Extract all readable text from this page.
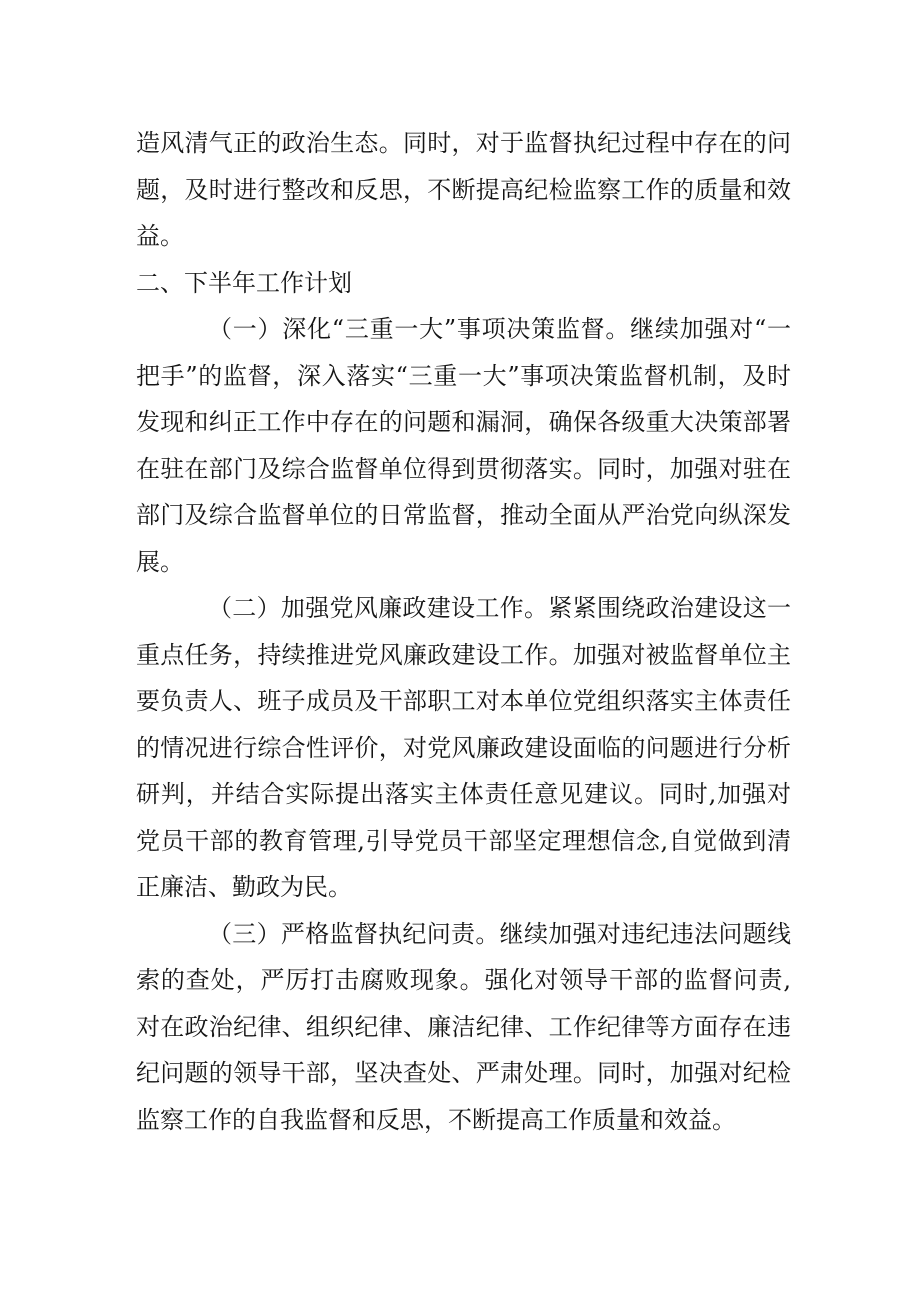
造风清气正的政治生态。同时，对于监督执纪过程中存在的问题，及时进行整改和反思，不断提高纪检监察工作的质量和效益。

二、下半年工作计划

（一）深化“三重一大”事项决策监督。继续加强对“一把手”的监督，深入落实“三重一大”事项决策监督机制，及时发现和纠正工作中存在的问题和漏洞，确保各级重大决策部署在驻在部门及综合监督单位得到贯彻落实。同时，加强对驻在部门及综合监督单位的日常监督，推动全面从严治党向纵深发展。

（二）加强党风廉政建设工作。紧紧围绕政治建设这一重点任务，持续推进党风廉政建设工作。加强对被监督单位主要负责人、班子成员及干部职工对本单位党组织落实主体责任的情况进行综合性评价，对党风廉政建设面临的问题进行分析研判，并结合实际提出落实主体责任意见建议。同时,加强对党员干部的教育管理,引导党员干部坚定理想信念,自觉做到清正廉洁、勤政为民。

（三）严格监督执纪问责。继续加强对违纪违法问题线索的查处，严厉打击腐败现象。强化对领导干部的监督问责,对在政治纪律、组织纪律、廉洁纪律、工作纪律等方面存在违纪问题的领导干部，坚决查处、严肃处理。同时，加强对纪检监察工作的自我监督和反思，不断提高工作质量和效益。
